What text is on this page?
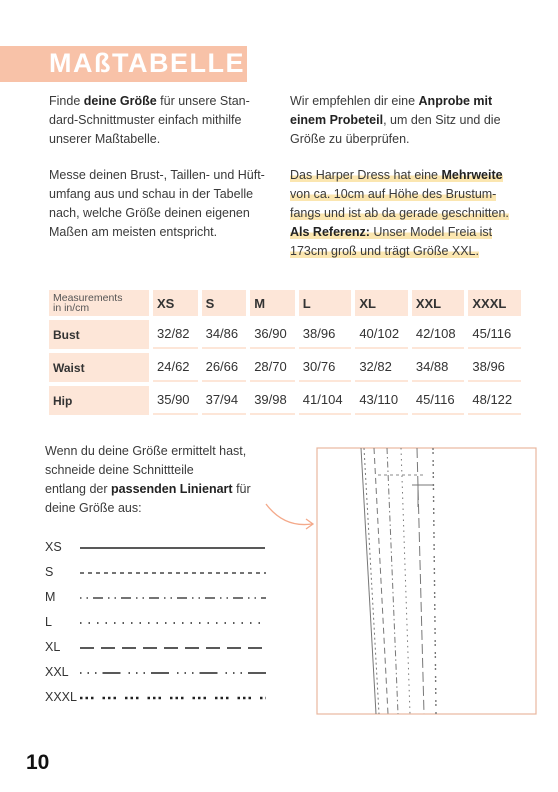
MAßTABELLE

Finde deine Größe für unsere Stan-
dard-Schnittmuster einfach mithilfe
unserer Maßtabelle.

Messe deinen Brust-, Taillen- und Hüft-
umfang aus und schau in der Tabelle
nach, welche Größe deinen eigenen
Maßen am meisten entspricht.

Wir empfehlen dir eine Anprobe mit
einem Probeteil, um den Sitz und die
Größe zu überprüfen.

Das Harper Dress hat eine Mehrweite
von ca. 10cm auf Höhe des Brustum-
fangs und ist ab da gerade geschnitten.
Als Referenz: Unser Model Freia ist
173cm groß und trägt Größe XXL.

Measurements
in in/cm	XS	S	M	L	XL	XXL	XXXL
Bust	32/82	34/86	36/90	38/96	40/102	42/108	45/116
Waist	24/62	26/66	28/70	30/76	32/82	34/88	38/96
Hip	35/90	37/94	39/98	41/104	43/110	45/116	48/122

Wenn du deine Größe ermittelt hast,
schneide deine Schnittteile
entlang der passenden Linienart für
deine Größe aus:

XS
S
M
L
XL
XXL
XXXL

10
